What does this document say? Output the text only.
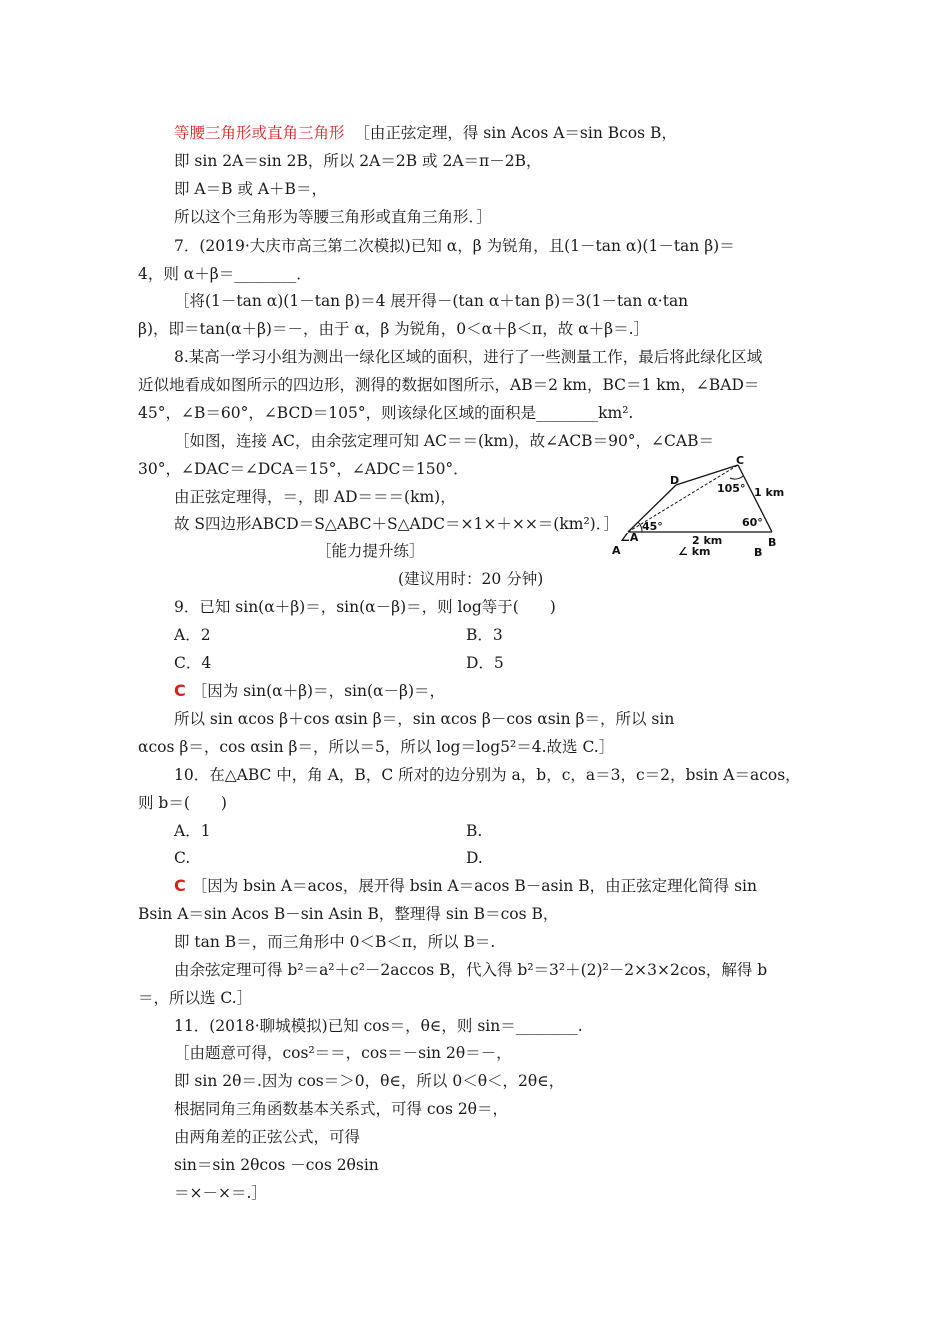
等腰三角形或直角三角形 ［由正弦定理，得 sin Acos A＝sin Bcos B，
即 sin 2A＝sin 2B，所以 2A＝2B 或 2A＝π－2B，
即 A＝B 或 A＋B＝，
所以这个三角形为等腰三角形或直角三角形．］
7．(2019·大庆市高三第二次模拟)已知 α，β 为锐角，且(1－tan α)(1－tan β)＝
4，则 α＋β＝________．
［将(1－tan α)(1－tan β)＝4 展开得－(tan α＋tan β)＝3(1－tan α·tan
β)，即＝tan(α＋β)＝－，由于 α，β 为锐角，0＜α＋β＜π，故 α＋β＝.］
8.某高一学习小组为测出一绿化区域的面积，进行了一些测量工作，最后将此绿化区域
近似地看成如图所示的四边形，测得的数据如图所示，AB＝2 km，BC＝1 km，∠BAD＝
45°，∠B＝60°，∠BCD＝105°，则该绿化区域的面积是________km².
［如图，连接 AC，由余弦定理可知 AC＝＝(km)，故∠ACB＝90°，∠CAB＝
30°，∠DAC＝∠DCA＝15°，∠ADC＝150°．
由正弦定理得，＝，即 AD＝＝＝(km)，
故 S四边形ABCD＝S△ABC＋S△ADC＝×1×＋××＝(km²)．］
D
C
∠A
A
B
B
105°
45°	60°
1 km
2 km
∠ km
［能力提升练］
(建议用时：20 分钟)
9．已知 sin(α＋β)＝，sin(α－β)＝，则 log等于(　　)
A．2	B．3
C．4	D．5
C ［因为 sin(α＋β)＝，sin(α－β)＝，
所以 sin αcos β＋cos αsin β＝，sin αcos β－cos αsin β＝，所以 sin
αcos β＝，cos αsin β＝，所以＝5，所以 log＝log5²＝4.故选 C.］
10．在△ABC 中，角 A，B，C 所对的边分别为 a，b，c，a＝3，c＝2，bsin A＝acos，
则 b＝(　　)
A．1	B.
C.	D.
C ［因为 bsin A＝acos，展开得 bsin A＝acos B－asin B，由正弦定理化简得 sin
Bsin A＝sin Acos B－sin Asin B，整理得 sin B＝cos B，
即 tan B＝，而三角形中 0＜B＜π，所以 B＝.
由余弦定理可得 b²＝a²＋c²－2accos B，代入得 b²＝3²＋(2)²－2×3×2cos，解得 b
＝，所以选 C.］
11．(2018·聊城模拟)已知 cos＝，θ∈，则 sin＝________.
［由题意可得，cos²＝＝，cos＝－sin 2θ＝－，
即 sin 2θ＝.因为 cos＝＞0，θ∈，所以 0＜θ＜，2θ∈，
根据同角三角函数基本关系式，可得 cos 2θ＝，
由两角差的正弦公式，可得
sin＝sin 2θcos －cos 2θsin
＝×－×＝.］
